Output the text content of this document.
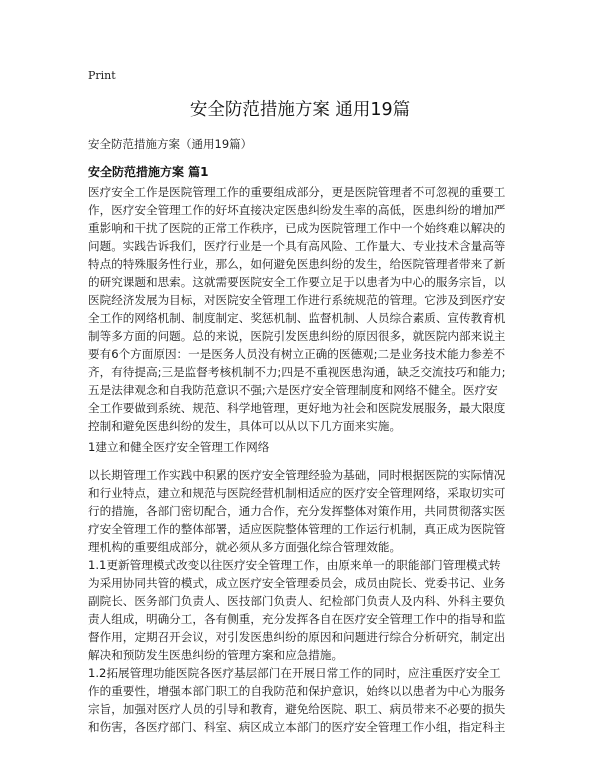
Print
安全防范措施方案 通用19篇
安全防范措施方案（通用19篇）
安全防范措施方案 篇1
医疗安全工作是医院管理工作的重要组成部分，更是医院管理者不可忽视的重要工
作，医疗安全管理工作的好坏直接决定医患纠纷发生率的高低，医患纠纷的增加严
重影响和干扰了医院的正常工作秩序，已成为医院管理工作中一个始终难以解决的
问题。实践告诉我们，医疗行业是一个具有高风险、工作量大、专业技术含量高等
特点的特殊服务性行业，那么，如何避免医患纠纷的发生，给医院管理者带来了新
的研究课题和思索。这就需要医院安全工作要立足于以患者为中心的服务宗旨，以
医院经济发展为目标，对医院安全管理工作进行系统规范的管理。它涉及到医疗安
全工作的网络机制、制度制定、奖惩机制、监督机制、人员综合素质、宣传教育机
制等多方面的问题。总的来说，医院引发医患纠纷的原因很多，就医院内部来说主
要有6个方面原因：一是医务人员没有树立正确的医德观;二是业务技术能力参差不
齐，有待提高;三是监督考核机制不力;四是不重视医患沟通，缺乏交流技巧和能力;
五是法律观念和自我防范意识不强;六是医疗安全管理制度和网络不健全。医疗安
全工作要做到系统、规范、科学地管理，更好地为社会和医院发展服务，最大限度
控制和避免医患纠纷的发生，具体可以从以下几方面来实施。
1建立和健全医疗安全管理工作网络
以长期管理工作实践中积累的医疗安全管理经验为基础，同时根据医院的实际情况
和行业特点，建立和规范与医院经营机制相适应的医疗安全管理网络，采取切实可
行的措施，各部门密切配合，通力合作，充分发挥整体对策作用，共同贯彻落实医
疗安全管理工作的整体部署，适应医院整体管理的工作运行机制，真正成为医院管
理机构的重要组成部分，就必须从多方面强化综合管理效能。
1.1更新管理模式改变以往医疗安全管理工作，由原来单一的职能部门管理模式转
为采用协同共管的模式，成立医疗安全管理委员会，成员由院长、党委书记、业务
副院长、医务部门负责人、医技部门负责人、纪检部门负责人及内科、外科主要负
责人组成，明确分工，各有侧重，充分发挥各自在医疗安全管理工作中的指导和监
督作用，定期召开会议，对引发医患纠纷的原因和问题进行综合分析研究，制定出
解决和预防发生医患纠纷的管理方案和应急措施。
1.2拓展管理功能医院各医疗基层部门在开展日常工作的同时，应注重医疗安全工
作的重要性，增强本部门职工的自我防范和保护意识，始终以以患者为中心为服务
宗旨，加强对医疗人员的引导和教育，避免给医院、职工、病员带来不必要的损失
和伤害，各医疗部门、科室、病区成立本部门的医疗安全管理工作小组，指定科主
